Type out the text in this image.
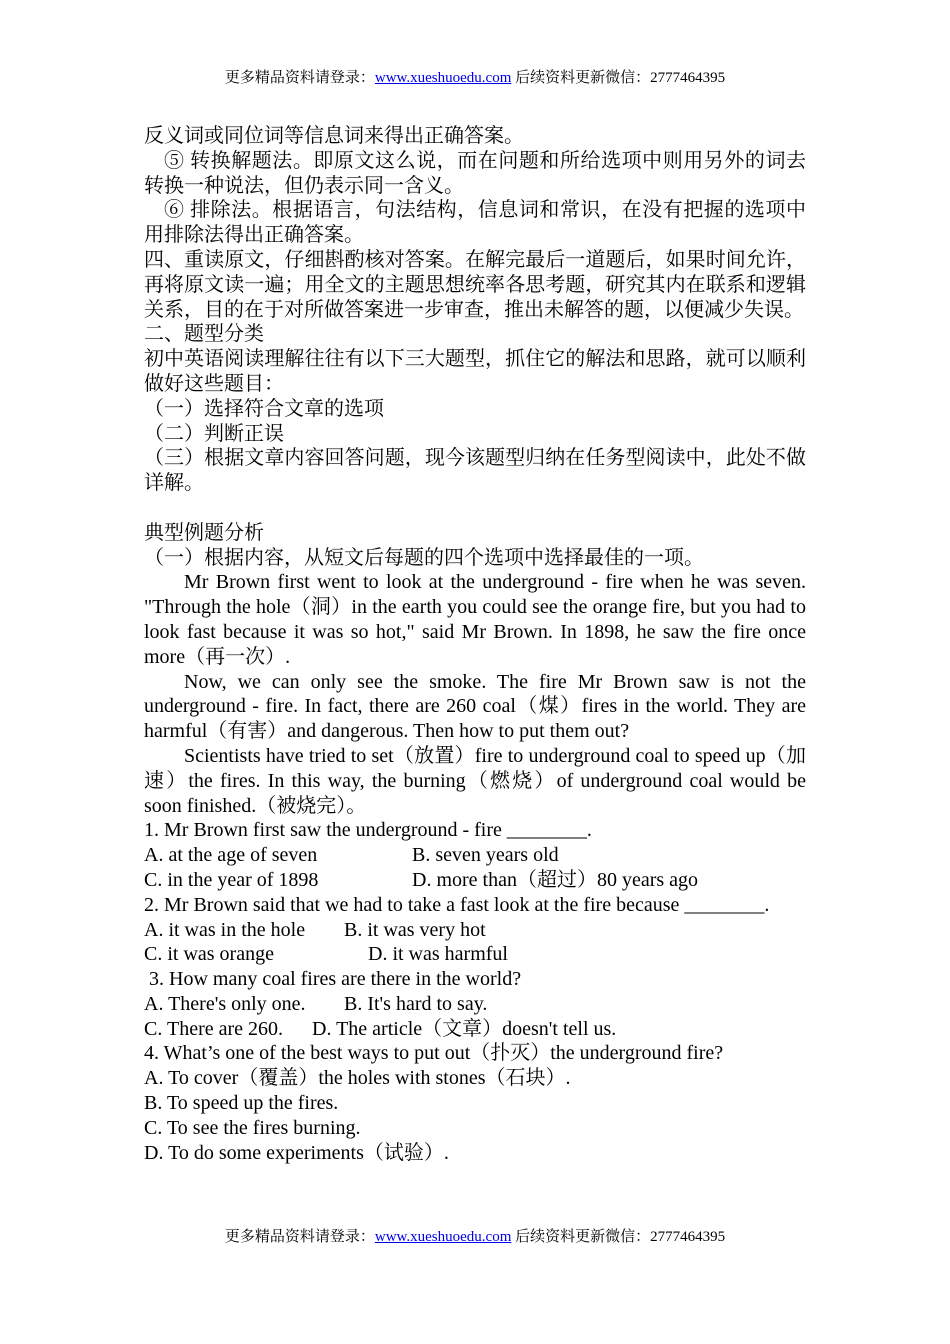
更多精品资料请登录：www.xueshuoedu.com 后续资料更新微信：2777464395

反义词或同位词等信息词来得出正确答案。

⑤ 转换解题法。即原文这么说，而在问题和所给选项中则用另外的词去转换一种说法，但仍表示同一含义。

⑥ 排除法。根据语言，句法结构，信息词和常识，在没有把握的选项中用排除法得出正确答案。

四、重读原文，仔细斟酌核对答案。在解完最后一道题后，如果时间允许，再将原文读一遍；用全文的主题思想统率各思考题，研究其内在联系和逻辑关系，目的在于对所做答案进一步审查，推出未解答的题，以便减少失误。

二、题型分类

初中英语阅读理解往往有以下三大题型，抓住它的解法和思路，就可以顺利做好这些题目：

（一）选择符合文章的选项

（二）判断正误

（三）根据文章内容回答问题，现今该题型归纳在任务型阅读中，此处不做详解。

典型例题分析

（一）根据内容，从短文后每题的四个选项中选择最佳的一项。

Mr Brown first went to look at the underground - fire when he was seven. "Through the hole（洞）in the earth you could see the orange fire, but you had to look fast because it was so hot," said Mr Brown. In 1898, he saw the fire once more（再一次）.

Now, we can only see the smoke. The fire Mr Brown saw is not the underground - fire. In fact, there are 260 coal（煤）fires in the world. They are harmful（有害）and dangerous. Then how to put them out?

Scientists have tried to set（放置）fire to underground coal to speed up（加速）the fires. In this way, the burning（燃烧）of underground coal would be soon finished.（被烧完）。

1. Mr Brown first saw the underground - fire ________.

A. at the age of seven	B. seven years old
C. in the year of 1898	D. more than（超过）80 years ago

2. Mr Brown said that we had to take a fast look at the fire because ________.

A. it was in the hole	B. it was very hot
C. it was orange	D. it was harmful

3. How many coal fires are there in the world?

A. There's only one.	B. It's hard to say.
C. There are 260.	D. The article（文章）doesn't tell us.

4. What’s one of the best ways to put out（扑灭）the underground fire?

A. To cover（覆盖）the holes with stones（石块）.

B. To speed up the fires.

C. To see the fires burning.

D. To do some experiments（试验）.

更多精品资料请登录：www.xueshuoedu.com 后续资料更新微信：2777464395
